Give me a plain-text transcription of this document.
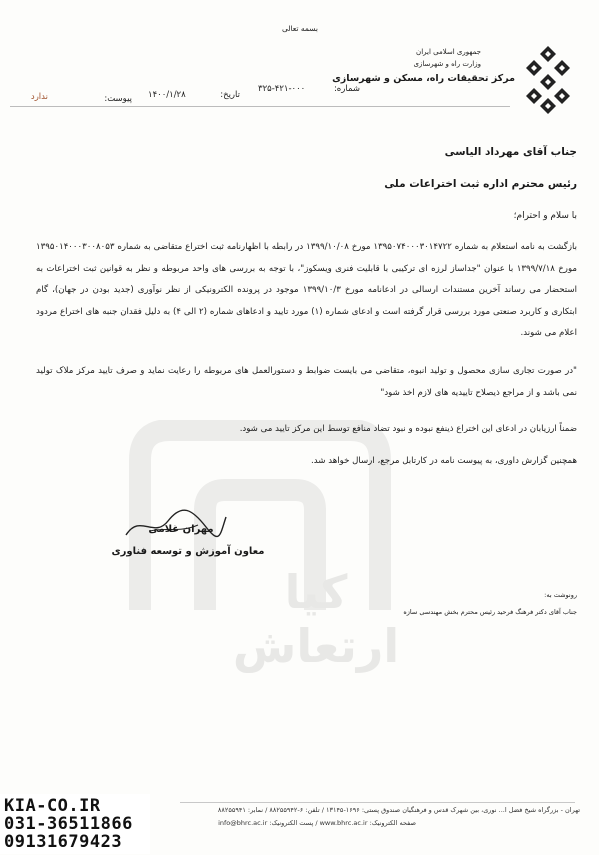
کیا ارتعاش
بسمه تعالی
جمهوری اسلامی ایران
وزارت راه و شهرسازی
مرکز تحقیقات راه، مسکن و شهرسازی
شماره:
۳۲۵-۴۲۱-۰۰۰
تاریخ:
۱۴۰۰/۱/۲۸
پیوست:
ندارد
جناب آقای مهرداد الیاسی
رئیس محترم اداره ثبت اختراعات ملی
با سلام و احترام؛
بازگشت به نامه استعلام به شماره ۱۳۹۵۰۷۴۰۰۰۳۰۱۴۷۲۲ مورخ ۱۳۹۹/۱۰/۰۸ در رابطه با اظهارنامه ثبت اختراع متقاضی به شماره ۱۳۹۵۰۱۴۰۰۰۳۰۰۸۰۵۳ مورخ ۱۳۹۹/۷/۱۸ با عنوان "جداساز لرزه ای ترکیبی با قابلیت فنری ویسکوز"، با توجه به بررسی های واحد مربوطه و نظر به قوانین ثبت اختراعات به استحضار می رساند آخرین مستندات ارسالی در ادعانامه مورخ ۱۳۹۹/۱۰/۳ موجود در پرونده الکترونیکی از نظر نوآوری (جدید بودن در جهان)، گام ابتکاری و کاربرد صنعتی مورد بررسی قرار گرفته است و ادعای شماره (۱) مورد تایید و ادعاهای شماره (۲ الی ۴) به دلیل فقدان جنبه های اختراع مردود اعلام می شوند.
"در صورت تجاری سازی محصول و تولید انبوه، متقاضی می بایست ضوابط و دستورالعمل های مربوطه را رعایت نماید و صرف تایید مرکز ملاک تولید نمی باشد و از مراجع ذیصلاح تاییدیه های لازم اخذ شود"
ضمناً ارزیابان در ادعای این اختراع ذینفع نبوده و نبود تضاد منافع توسط این مرکز تایید می شود.
همچنین گزارش داوری، به پیوست نامه در کارتابل مرجع، ارسال خواهد شد.
مهران غلامی
معاون آموزش و توسعه فناوری
رونوشت به:
جناب آقای دکتر فرهنگ فرحید رئیس محترم بخش مهندسی سازه
تهران - بزرگراه شیخ فضل ا... نوری، بین شهرک قدس و فرهنگیان صندوق پستی: ۱۶۹۶-۱۳۱۴۵ / تلفن: ۶-۸۸۲۵۵۹۴۲ / نمابر: ۸۸۲۵۵۹۴۱
صفحه الکترونیک: www.bhrc.ac.ir / پست الکترونیک: info@bhrc.ac.ir
KIA-CO.IR
031-36511866
09131679423
